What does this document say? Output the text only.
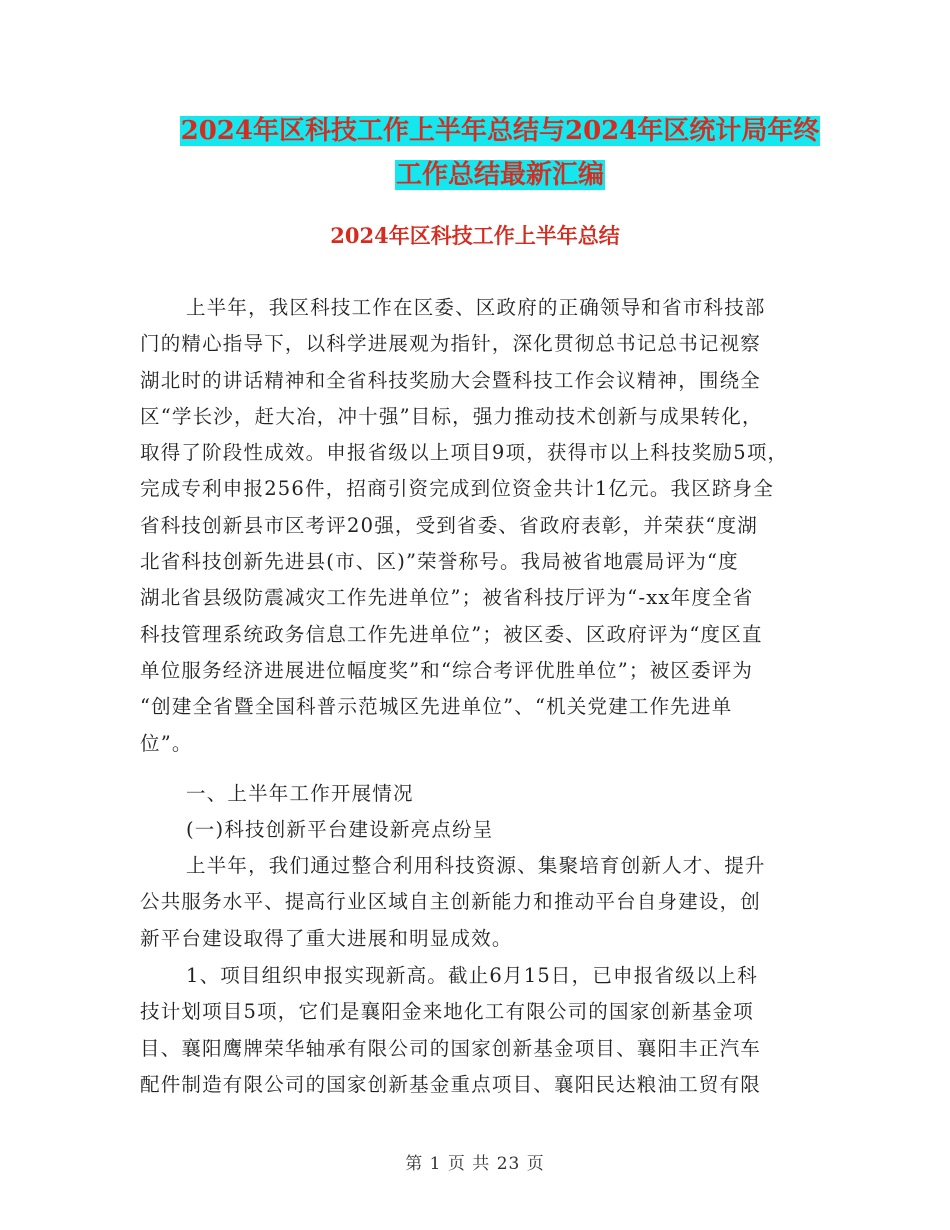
2024年区科技工作上半年总结与2024年区统计局年终
工作总结最新汇编
2024年区科技工作上半年总结
上半年，我区科技工作在区委、区政府的正确领导和省市科技部
门的精心指导下，以科学进展观为指针，深化贯彻总书记总书记视察
湖北时的讲话精神和全省科技奖励大会暨科技工作会议精神，围绕全
区“学长沙，赶大冶，冲十强”目标，强力推动技术创新与成果转化，
取得了阶段性成效。申报省级以上项目9项，获得市以上科技奖励5项，
完成专利申报256件，招商引资完成到位资金共计1亿元。我区跻身全
省科技创新县市区考评20强，受到省委、省政府表彰，并荣获“度湖
北省科技创新先进县(市、区)”荣誉称号。我局被省地震局评为“度
湖北省县级防震减灾工作先进单位”；被省科技厅评为“-xx年度全省
科技管理系统政务信息工作先进单位”；被区委、区政府评为“度区直
单位服务经济进展进位幅度奖”和“综合考评优胜单位”；被区委评为
“创建全省暨全国科普示范城区先进单位”、“机关党建工作先进单
位”。
一、上半年工作开展情况
(一)科技创新平台建设新亮点纷呈
上半年，我们通过整合利用科技资源、集聚培育创新人才、提升
公共服务水平、提高行业区域自主创新能力和推动平台自身建设，创
新平台建设取得了重大进展和明显成效。
1、项目组织申报实现新高。截止6月15日，已申报省级以上科
技计划项目5项，它们是襄阳金来地化工有限公司的国家创新基金项
目、襄阳鹰牌荣华轴承有限公司的国家创新基金项目、襄阳丰正汽车
配件制造有限公司的国家创新基金重点项目、襄阳民达粮油工贸有限
第 1 页 共 23 页
